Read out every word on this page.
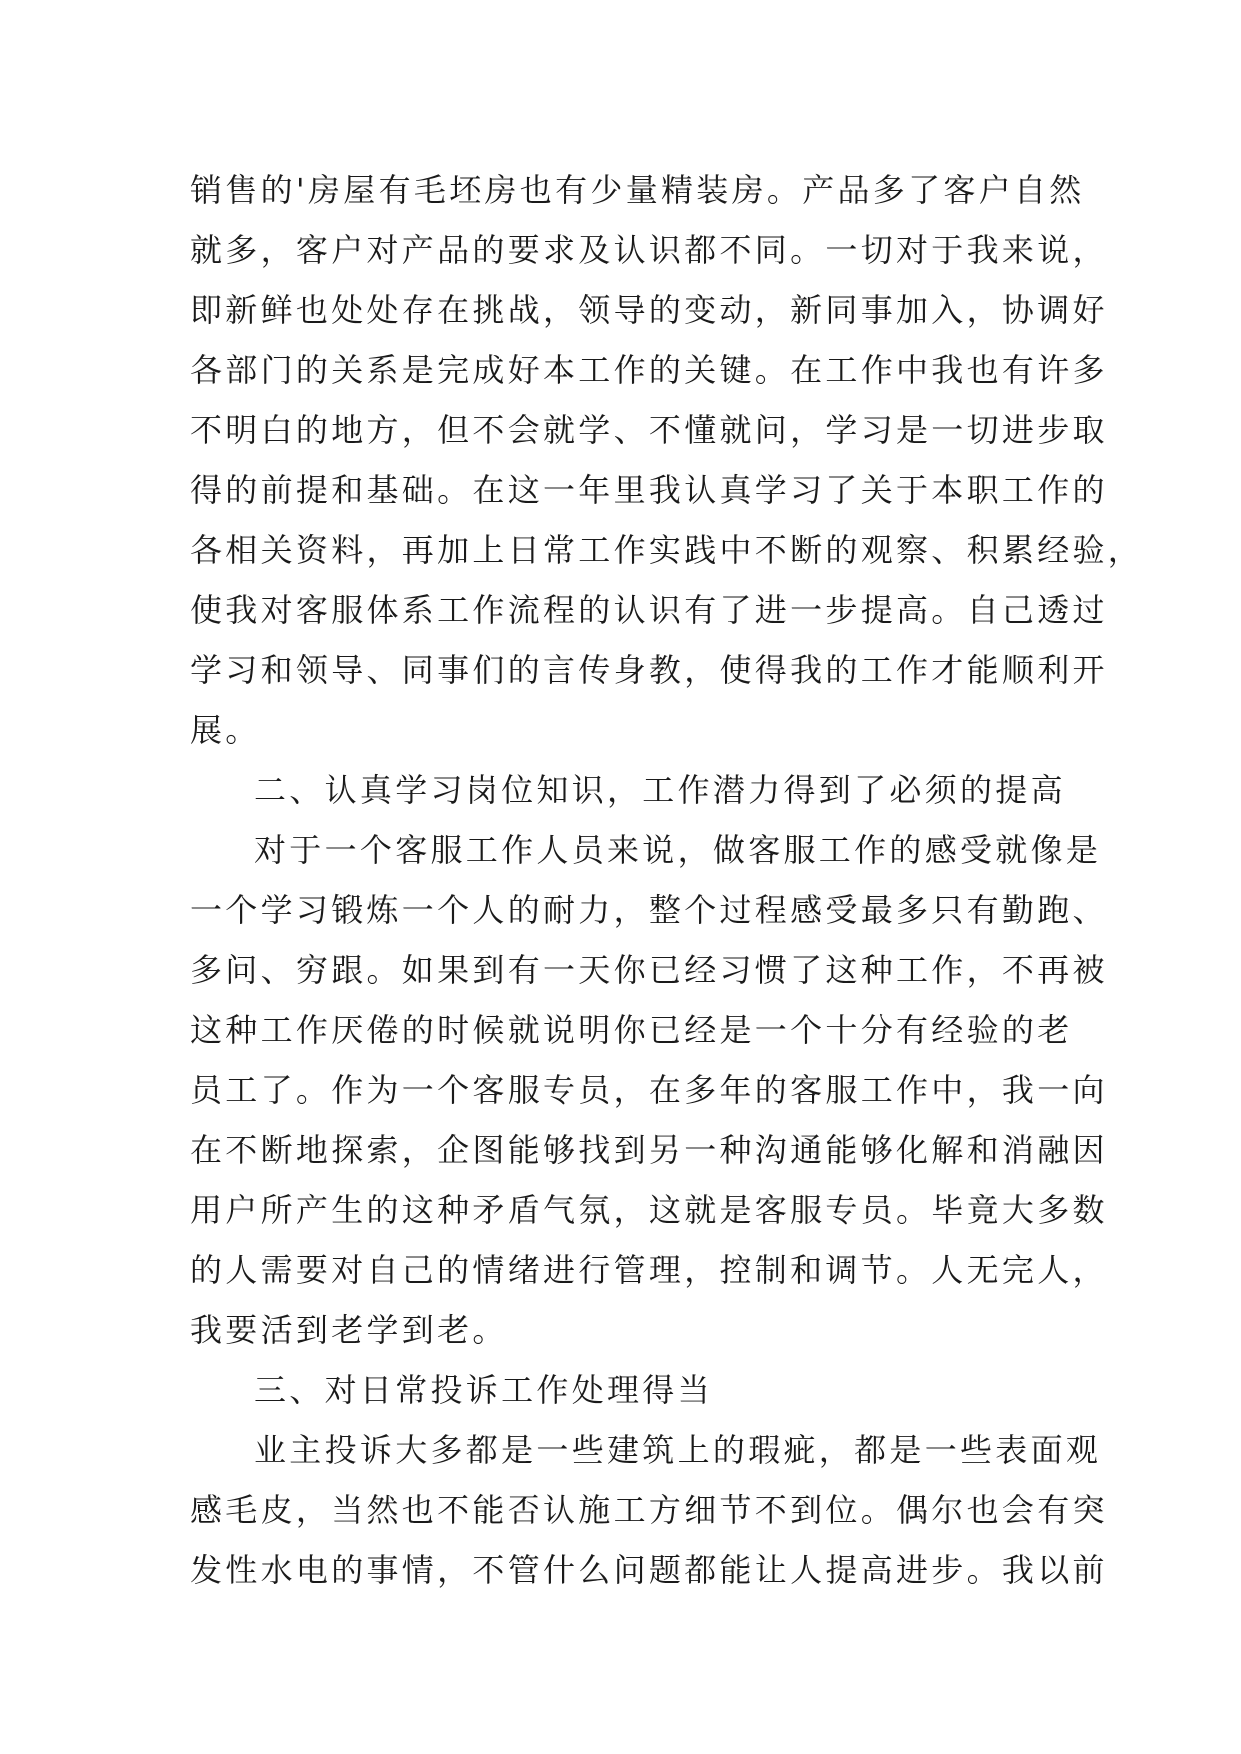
销售的'房屋有毛坯房也有少量精装房。产品多了客户自然
就多，客户对产品的要求及认识都不同。一切对于我来说，
即新鲜也处处存在挑战，领导的变动，新同事加入，协调好
各部门的关系是完成好本工作的关键。在工作中我也有许多
不明白的地方，但不会就学、不懂就问，学习是一切进步取
得的前提和基础。在这一年里我认真学习了关于本职工作的
各相关资料，再加上日常工作实践中不断的观察、积累经验，
使我对客服体系工作流程的认识有了进一步提高。自己透过
学习和领导、同事们的言传身教，使得我的工作才能顺利开
展。
二、认真学习岗位知识，工作潜力得到了必须的提高
对于一个客服工作人员来说，做客服工作的感受就像是
一个学习锻炼一个人的耐力，整个过程感受最多只有勤跑、
多问、穷跟。如果到有一天你已经习惯了这种工作，不再被
这种工作厌倦的时候就说明你已经是一个十分有经验的老
员工了。作为一个客服专员，在多年的客服工作中，我一向
在不断地探索，企图能够找到另一种沟通能够化解和消融因
用户所产生的这种矛盾气氛，这就是客服专员。毕竟大多数
的人需要对自己的情绪进行管理，控制和调节。人无完人，
我要活到老学到老。
三、对日常投诉工作处理得当
业主投诉大多都是一些建筑上的瑕疵，都是一些表面观
感毛皮，当然也不能否认施工方细节不到位。偶尔也会有突
发性水电的事情，不管什么问题都能让人提高进步。我以前
